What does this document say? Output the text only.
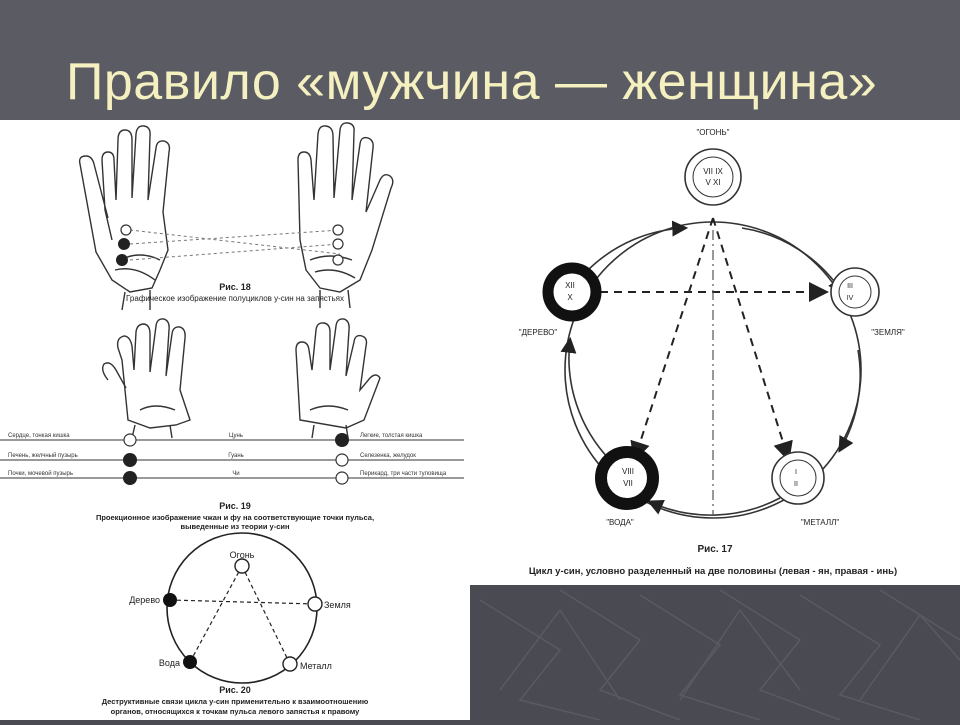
Правило «мужчина — женщина»
Рис. 18
Графическое изображение полуциклов у-син на запястьях
Сердце, тонкая кишка
Печень, желчный пузырь
Почки, мочевой пузырь
Цунь
Гуань
Чи
Легкие, толстая кишка
Селезенка, желудок
Перикард, три части туловища
Рис. 19
Проекционное изображение чжан и фу на соответствующие точки пульса,
выведенные из теории у-син
Огонь
Дерево	Земля
Вода	Металл
Рис. 20
Деструктивные связи цикла у-син применительно к взаимоотношению
органов, относящихся к точкам пульса левого запястья к правому
VII IX
V XI
"ОГОНЬ"
XII
X
"ДЕРЕВО"
III
IV
"ЗЕМЛЯ"
VIII
VII
"ВОДА"
I
II
"МЕТАЛЛ"
Рис. 17
Цикл у-син, условно разделенный на две половины (левая - ян, правая - инь)
